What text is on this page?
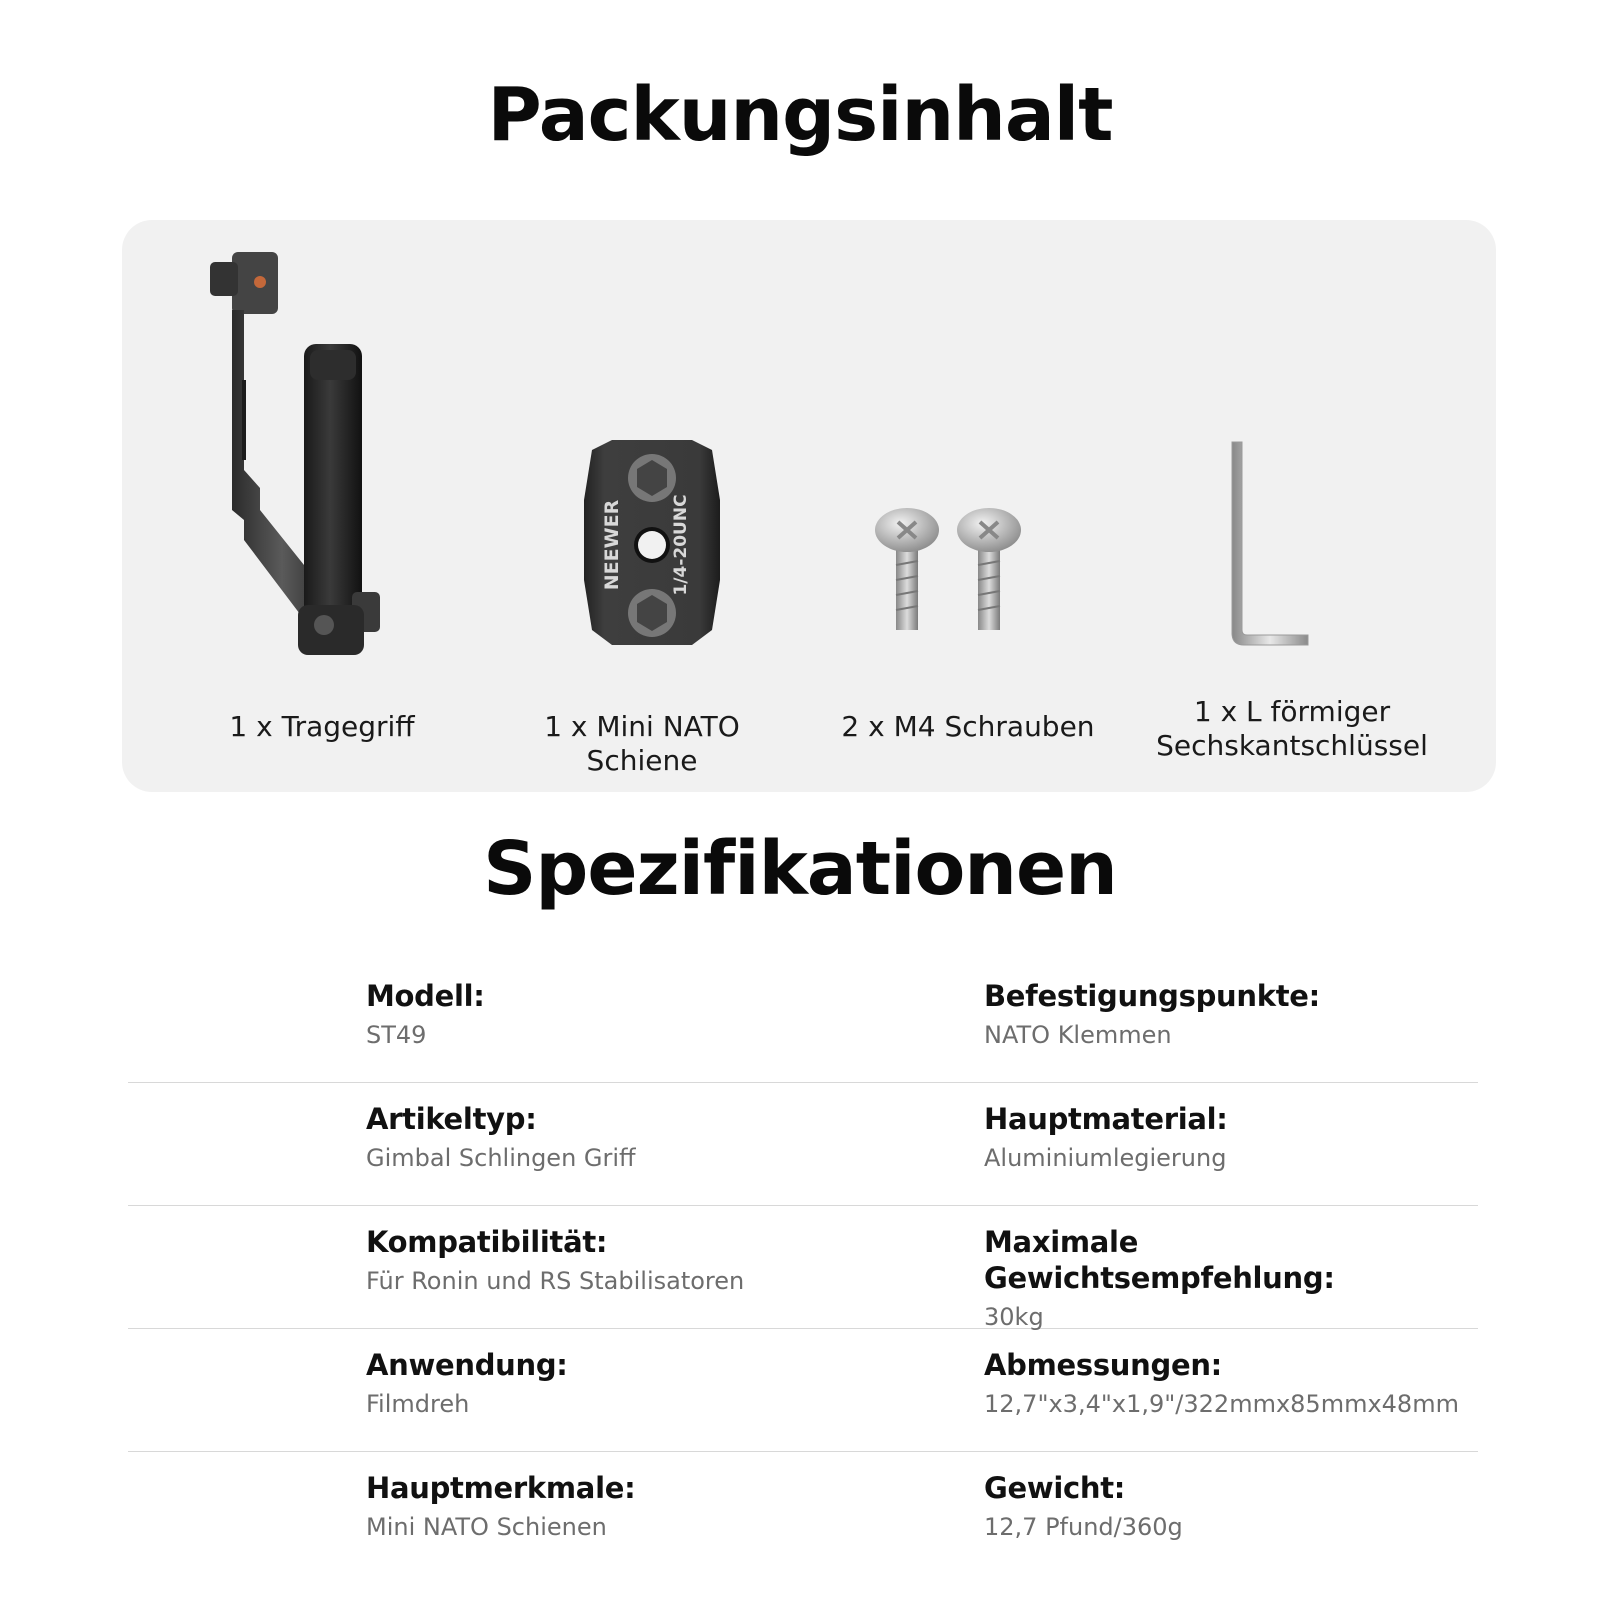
Packungsinhalt
1 x Tragegriff
NEEWER	1/4-20UNC
1 x Mini NATO Schiene
2 x M4 Schrauben	1 x L förmiger Sechskantschlüssel
Spezifikationen
Modell:
ST49
Befestigungspunkte:
NATO Klemmen
Artikeltyp:
Gimbal Schlingen Griff
Hauptmaterial:
Aluminiumlegierung
Kompatibilität:
Für Ronin und RS Stabilisatoren
Maximale Gewichtsempfehlung:
30kg
Anwendung:
Filmdreh
Abmessungen:
12,7"x3,4"x1,9"/322mmx85mmx48mm
Hauptmerkmale:
Mini NATO Schienen
Gewicht:
12,7 Pfund/360g
